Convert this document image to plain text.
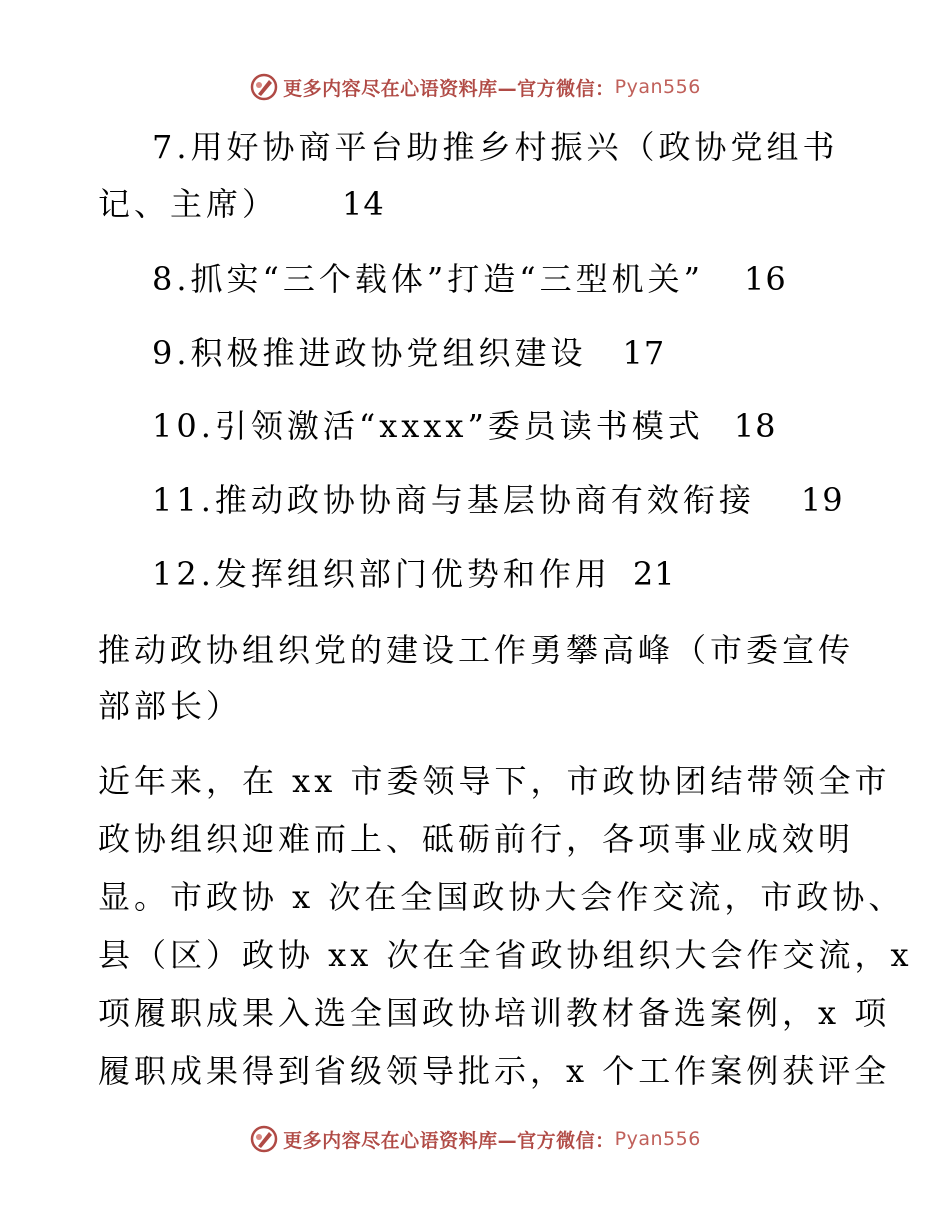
更多内容尽在心语资料库—官方微信： Pyan556
7.用好协商平台助推乡村振兴（政协党组书
记、主席） 14
8.抓实“三个载体”打造“三型机关” 16
9.积极推进政协党组织建设 17
10.引领激活“xxxx”委员读书模式 18
11.推动政协协商与基层协商有效衔接 19
12.发挥组织部门优势和作用 21
推动政协组织党的建设工作勇攀高峰（市委宣传
部部长）
近年来，在 xx 市委领导下，市政协团结带领全市
政协组织迎难而上、砥砺前行，各项事业成效明
显。市政协 x 次在全国政协大会作交流，市政协、
县（区）政协 xx 次在全省政协组织大会作交流，x
项履职成果入选全国政协培训教材备选案例，x 项
履职成果得到省级领导批示，x 个工作案例获评全
更多内容尽在心语资料库—官方微信： Pyan556
